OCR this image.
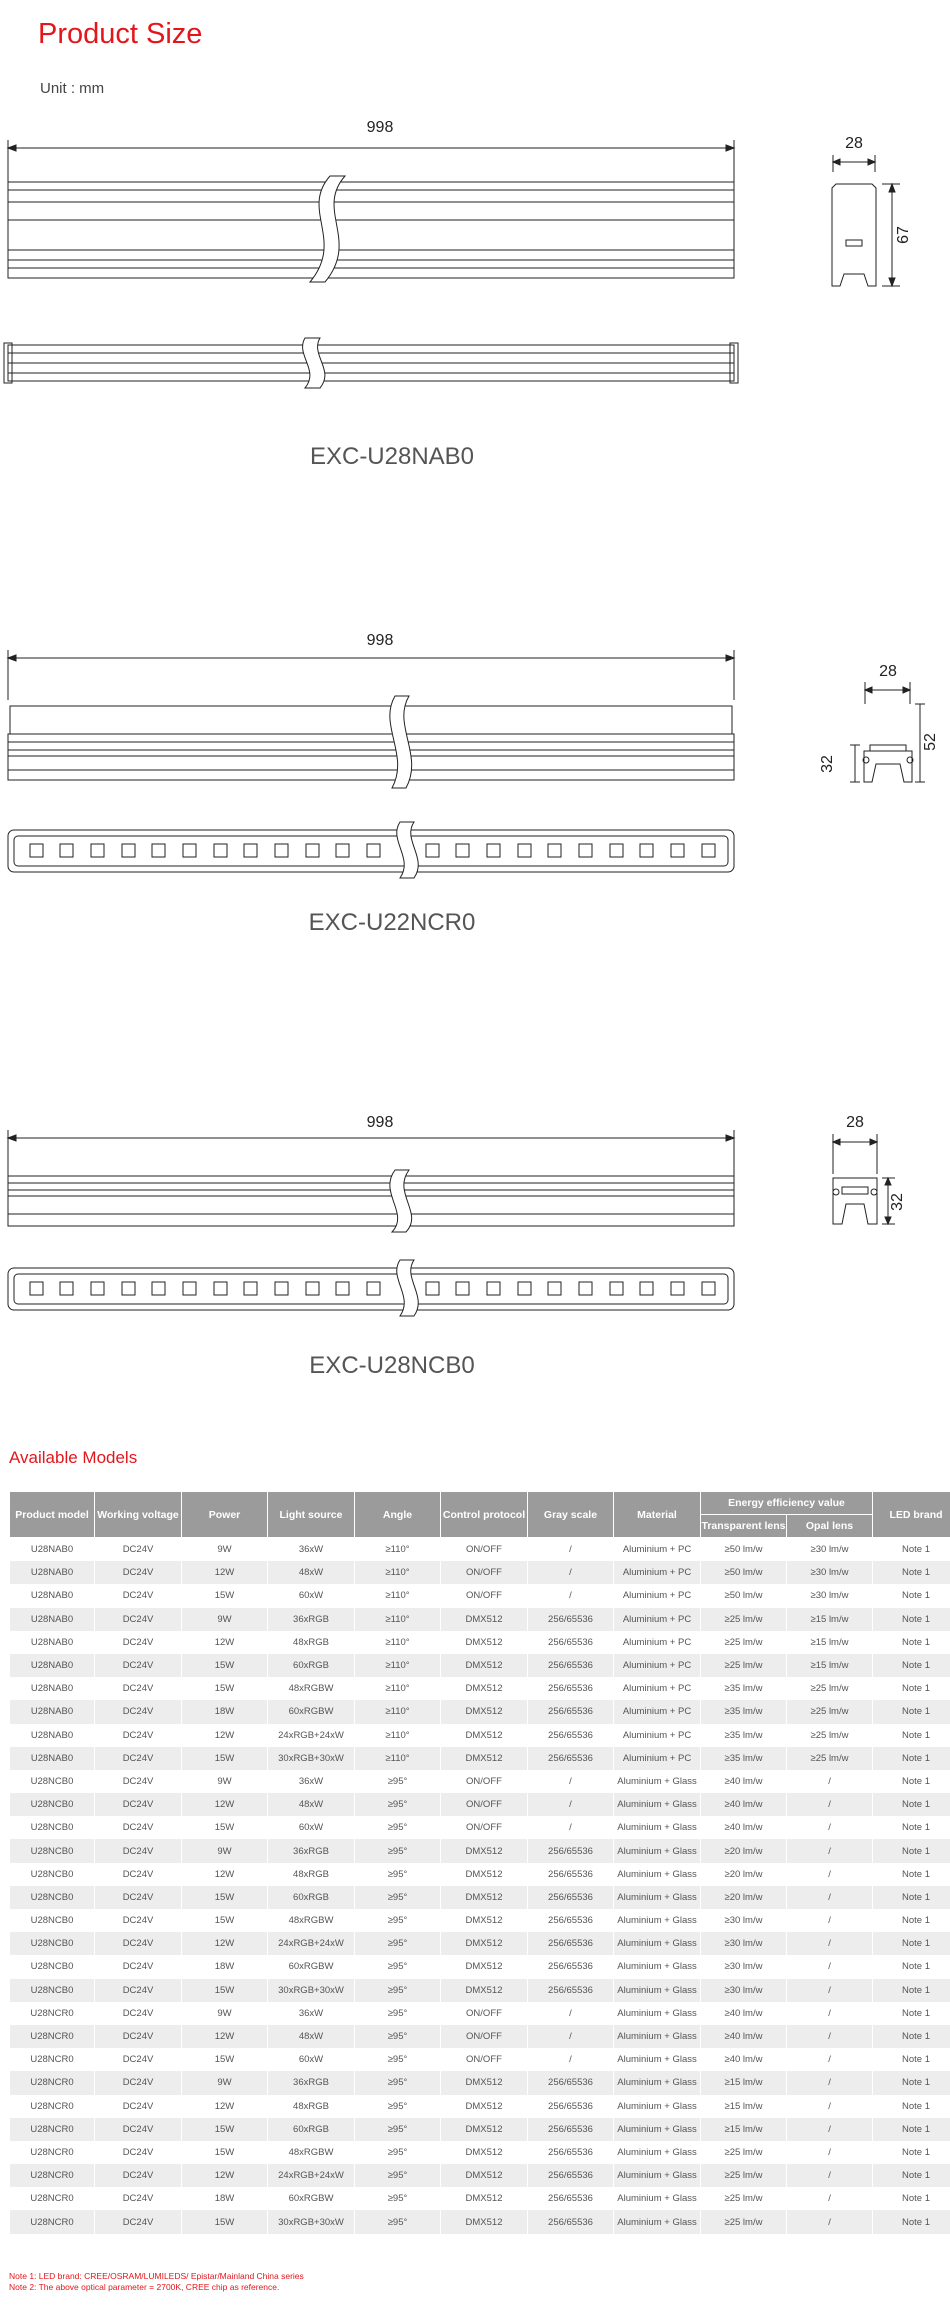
Product Size
Unit : mm
998
28
67
EXC-U28NAB0
998
28
52
32
EXC-U22NCR0
998	28
32
EXC-U28NCB0
Available Models
Product model	Working voltage	Power	Light source	Angle	Control protocol	Gray scale	Material	Energy efficiency value		LED brand
								Transparent lens	Opal lens	
U28NAB0	DC24V	9W	36xW	≥110°	ON/OFF	/	Aluminium + PC	≥50 lm/w	≥30 lm/w	Note 1
U28NAB0	DC24V	12W	48xW	≥110°	ON/OFF	/	Aluminium + PC	≥50 lm/w	≥30 lm/w	Note 1
U28NAB0	DC24V	15W	60xW	≥110°	ON/OFF	/	Aluminium + PC	≥50 lm/w	≥30 lm/w	Note 1
U28NAB0	DC24V	9W	36xRGB	≥110°	DMX512	256/65536	Aluminium + PC	≥25 lm/w	≥15 lm/w	Note 1
U28NAB0	DC24V	12W	48xRGB	≥110°	DMX512	256/65536	Aluminium + PC	≥25 lm/w	≥15 lm/w	Note 1
U28NAB0	DC24V	15W	60xRGB	≥110°	DMX512	256/65536	Aluminium + PC	≥25 lm/w	≥15 lm/w	Note 1
U28NAB0	DC24V	15W	48xRGBW	≥110°	DMX512	256/65536	Aluminium + PC	≥35 lm/w	≥25 lm/w	Note 1
U28NAB0	DC24V	18W	60xRGBW	≥110°	DMX512	256/65536	Aluminium + PC	≥35 lm/w	≥25 lm/w	Note 1
U28NAB0	DC24V	12W	24xRGB+24xW	≥110°	DMX512	256/65536	Aluminium + PC	≥35 lm/w	≥25 lm/w	Note 1
U28NAB0	DC24V	15W	30xRGB+30xW	≥110°	DMX512	256/65536	Aluminium + PC	≥35 lm/w	≥25 lm/w	Note 1
U28NCB0	DC24V	9W	36xW	≥95°	ON/OFF	/	Aluminium + Glass	≥40 lm/w	/	Note 1
U28NCB0	DC24V	12W	48xW	≥95°	ON/OFF	/	Aluminium + Glass	≥40 lm/w	/	Note 1
U28NCB0	DC24V	15W	60xW	≥95°	ON/OFF	/	Aluminium + Glass	≥40 lm/w	/	Note 1
U28NCB0	DC24V	9W	36xRGB	≥95°	DMX512	256/65536	Aluminium + Glass	≥20 lm/w	/	Note 1
U28NCB0	DC24V	12W	48xRGB	≥95°	DMX512	256/65536	Aluminium + Glass	≥20 lm/w	/	Note 1
U28NCB0	DC24V	15W	60xRGB	≥95°	DMX512	256/65536	Aluminium + Glass	≥20 lm/w	/	Note 1
U28NCB0	DC24V	15W	48xRGBW	≥95°	DMX512	256/65536	Aluminium + Glass	≥30 lm/w	/	Note 1
U28NCB0	DC24V	12W	24xRGB+24xW	≥95°	DMX512	256/65536	Aluminium + Glass	≥30 lm/w	/	Note 1
U28NCB0	DC24V	18W	60xRGBW	≥95°	DMX512	256/65536	Aluminium + Glass	≥30 lm/w	/	Note 1
U28NCB0	DC24V	15W	30xRGB+30xW	≥95°	DMX512	256/65536	Aluminium + Glass	≥30 lm/w	/	Note 1
U28NCR0	DC24V	9W	36xW	≥95°	ON/OFF	/	Aluminium + Glass	≥40 lm/w	/	Note 1
U28NCR0	DC24V	12W	48xW	≥95°	ON/OFF	/	Aluminium + Glass	≥40 lm/w	/	Note 1
U28NCR0	DC24V	15W	60xW	≥95°	ON/OFF	/	Aluminium + Glass	≥40 lm/w	/	Note 1
U28NCR0	DC24V	9W	36xRGB	≥95°	DMX512	256/65536	Aluminium + Glass	≥15 lm/w	/	Note 1
U28NCR0	DC24V	12W	48xRGB	≥95°	DMX512	256/65536	Aluminium + Glass	≥15 lm/w	/	Note 1
U28NCR0	DC24V	15W	60xRGB	≥95°	DMX512	256/65536	Aluminium + Glass	≥15 lm/w	/	Note 1
U28NCR0	DC24V	15W	48xRGBW	≥95°	DMX512	256/65536	Aluminium + Glass	≥25 lm/w	/	Note 1
U28NCR0	DC24V	12W	24xRGB+24xW	≥95°	DMX512	256/65536	Aluminium + Glass	≥25 lm/w	/	Note 1
U28NCR0	DC24V	18W	60xRGBW	≥95°	DMX512	256/65536	Aluminium + Glass	≥25 lm/w	/	Note 1
U28NCR0	DC24V	15W	30xRGB+30xW	≥95°	DMX512	256/65536	Aluminium + Glass	≥25 lm/w	/	Note 1
Note 1: LED brand: CREE/OSRAM/LUMILEDS/ Epistar/Mainland China series
Note 2: The above optical parameter = 2700K, CREE chip as reference.
